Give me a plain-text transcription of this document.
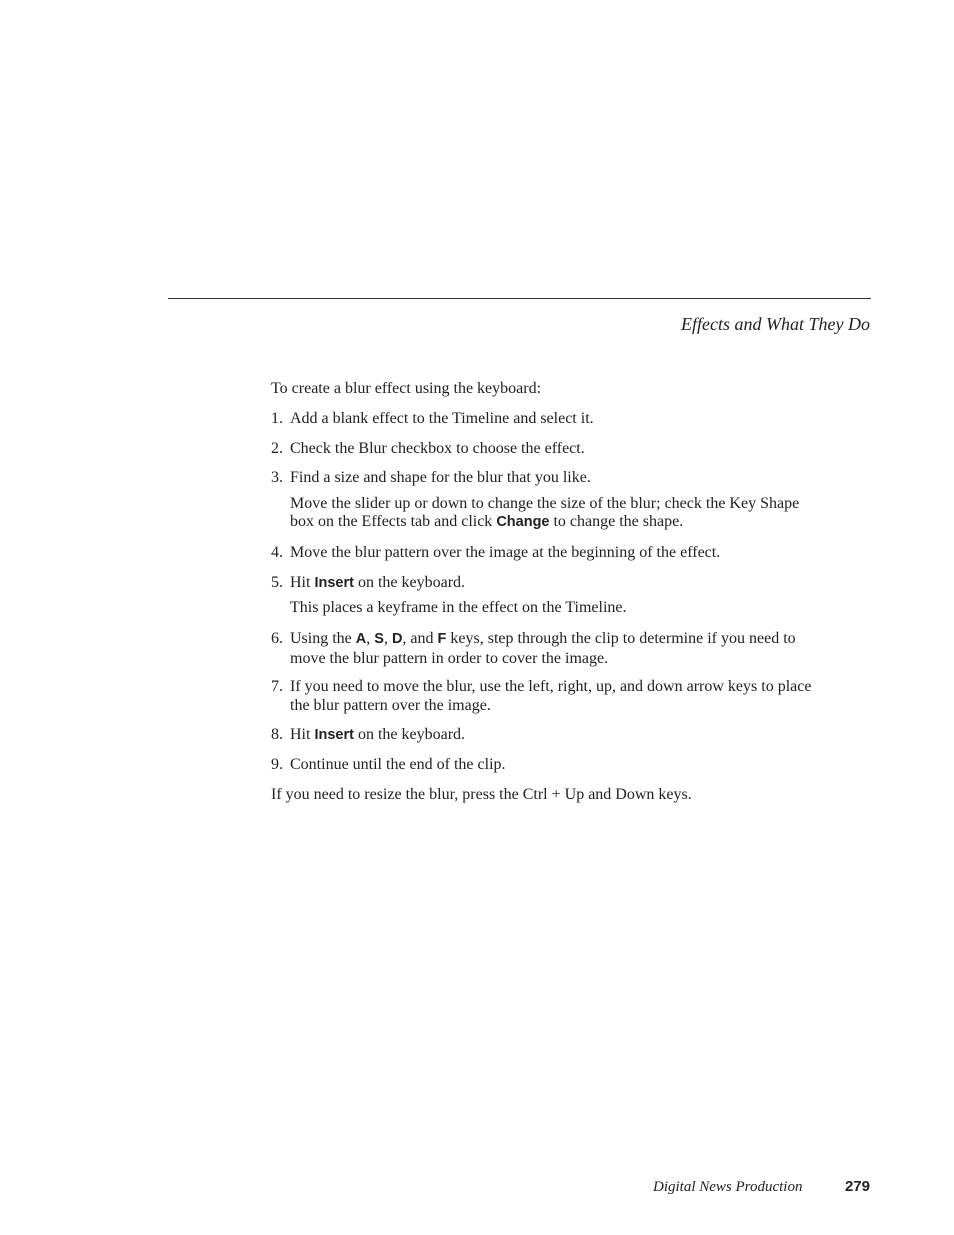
Effects and What They Do
To create a blur effect using the keyboard:
1. Add a blank effect to the Timeline and select it.
2. Check the Blur checkbox to choose the effect.
3. Find a size and shape for the blur that you like.
Move the slider up or down to change the size of the blur; check the Key Shape box on the Effects tab and click Change to change the shape.
4. Move the blur pattern over the image at the beginning of the effect.
5. Hit Insert on the keyboard.
This places a keyframe in the effect on the Timeline.
6. Using the A, S, D, and F keys, step through the clip to determine if you need to move the blur pattern in order to cover the image.
7. If you need to move the blur, use the left, right, up, and down arrow keys to place the blur pattern over the image.
8. Hit Insert on the keyboard.
9. Continue until the end of the clip.
If you need to resize the blur, press the Ctrl + Up and Down keys.
Digital News Production	279
